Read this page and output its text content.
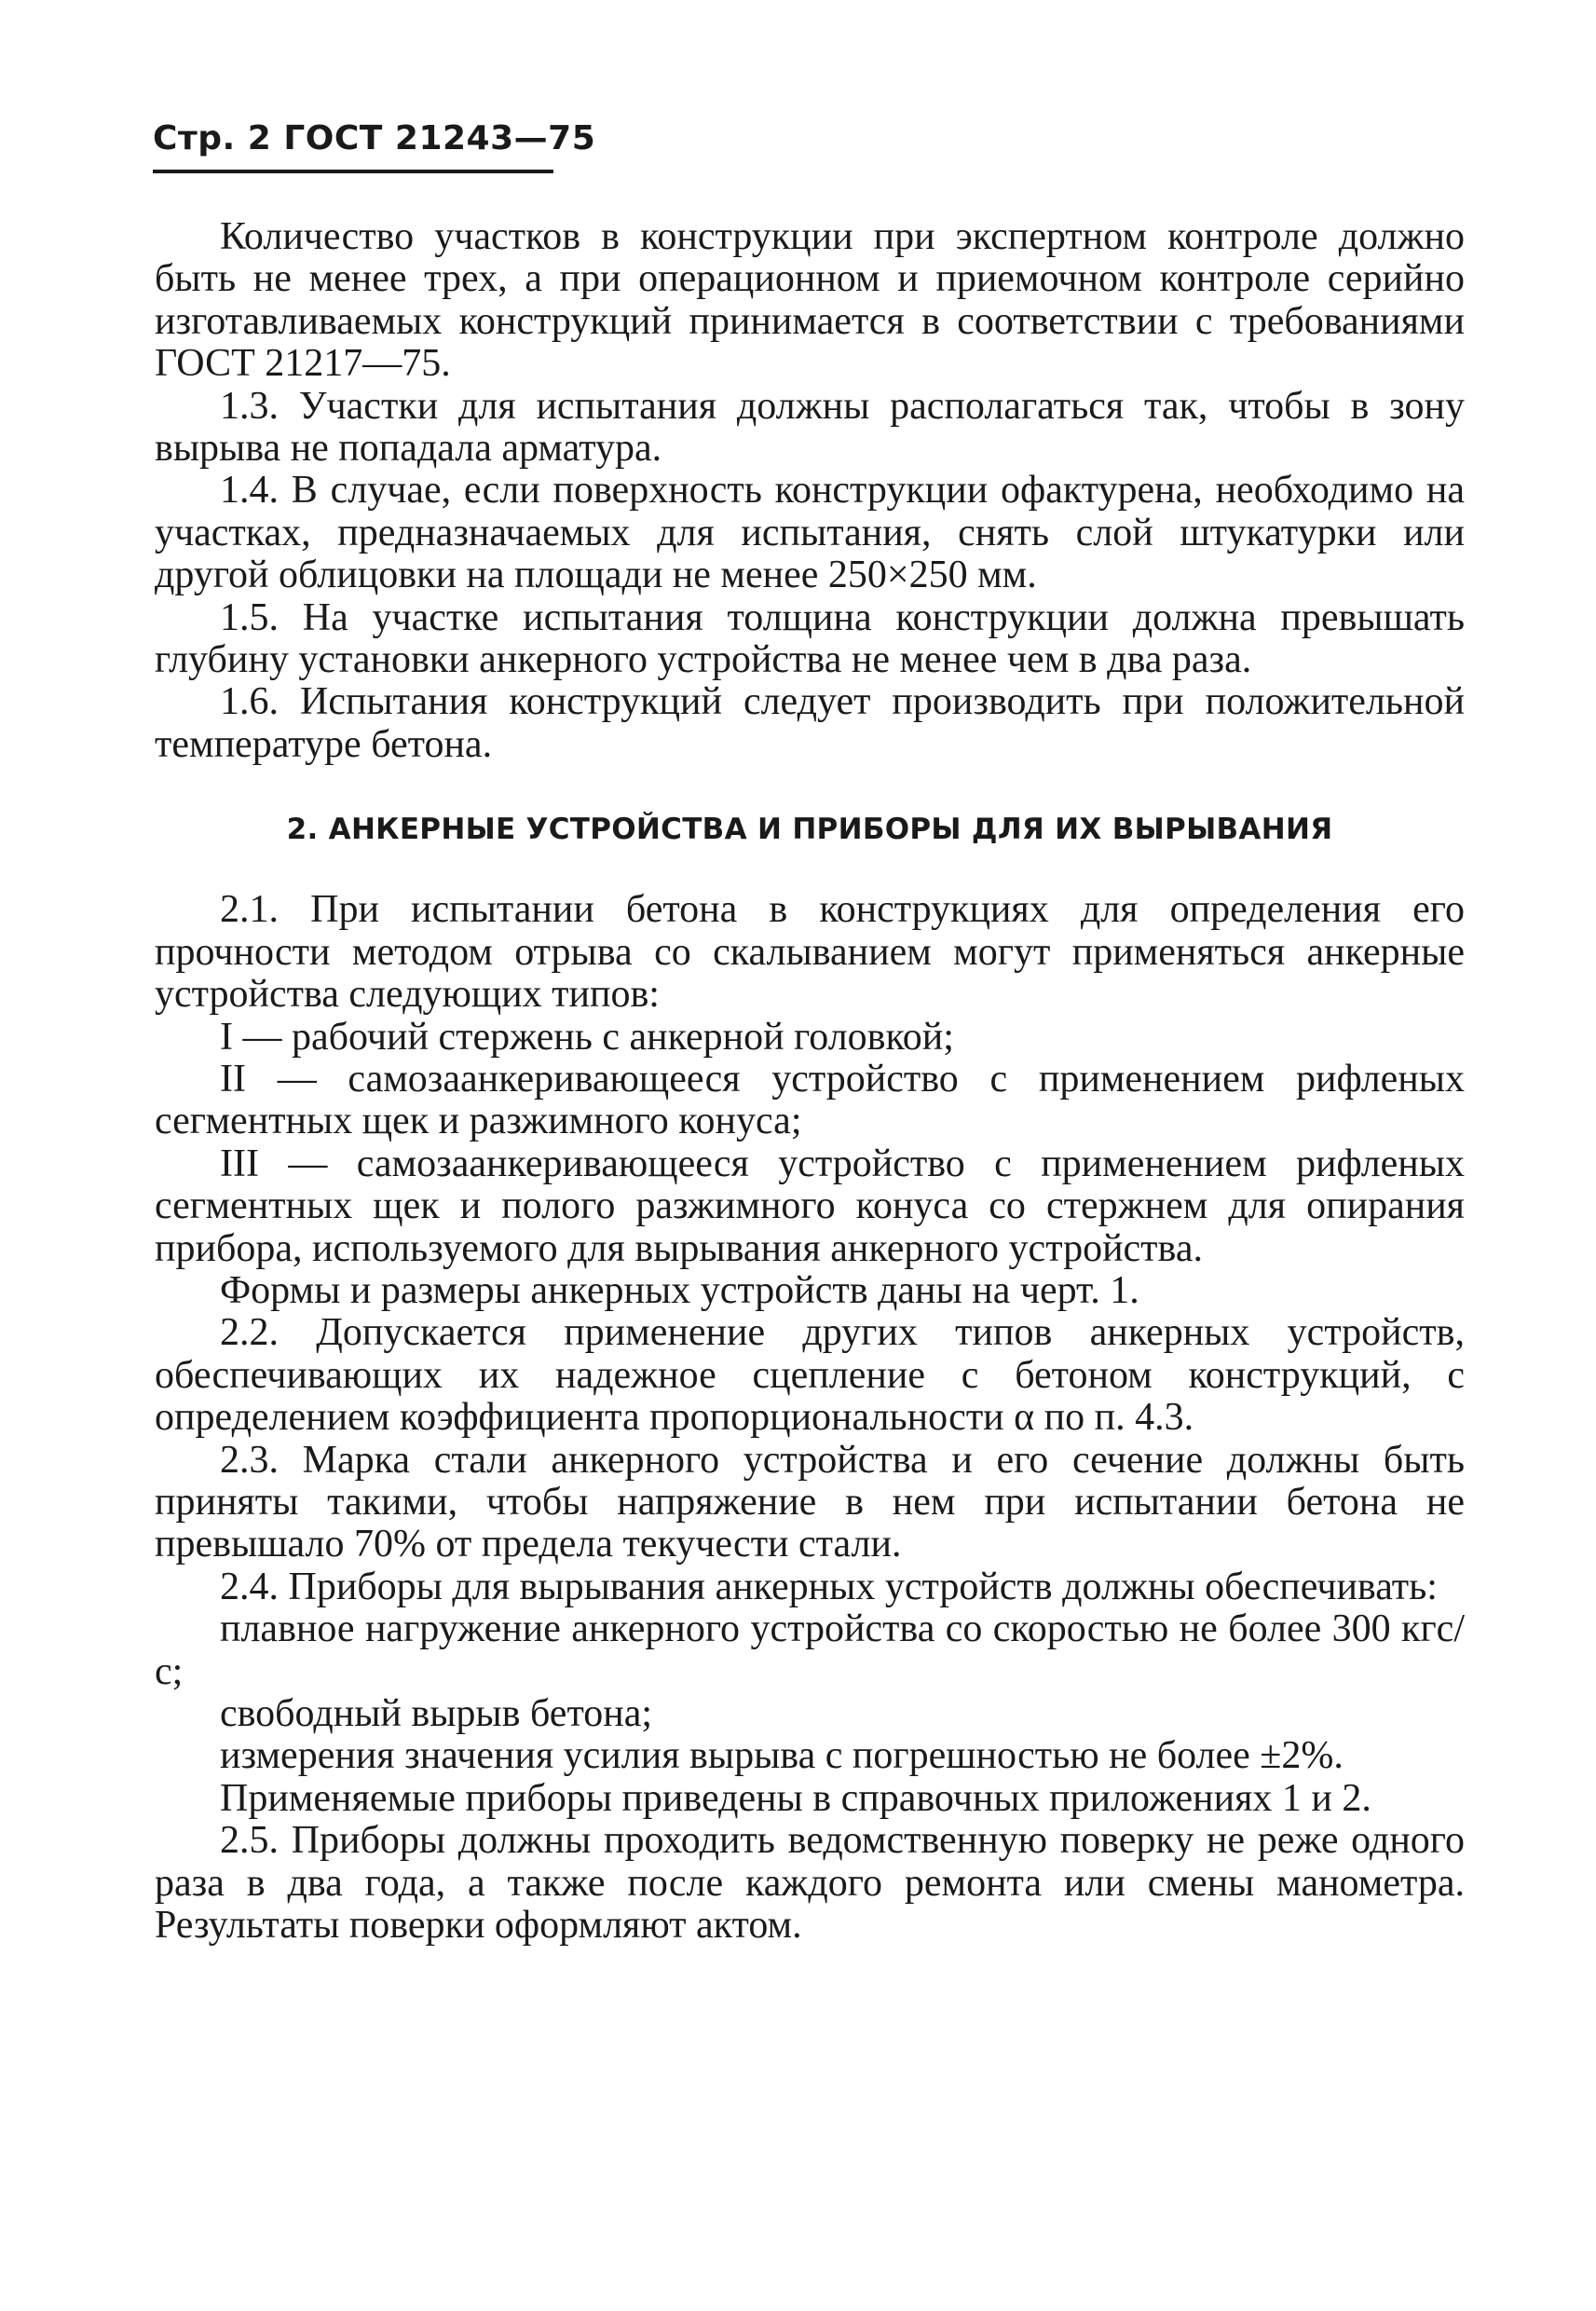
Стр. 2 ГОСТ 21243—75

Количество участков в конструкции при экспертном контроле должно быть не менее трех, а при операционном и приемочном контроле серийно изготавливаемых конструкций принимается в соответствии с требованиями ГОСТ 21217—75.

1.3. Участки для испытания должны располагаться так, чтобы в зону вырыва не попадала арматура.

1.4. В случае, если поверхность конструкции офактурена, необходимо на участках, предназначаемых для испытания, снять слой штукатурки или другой облицовки на площади не менее 250×250 мм.

1.5. На участке испытания толщина конструкции должна превышать глубину установки анкерного устройства не менее чем в два раза.

1.6. Испытания конструкций следует производить при положительной температуре бетона.

2. АНКЕРНЫЕ УСТРОЙСТВА И ПРИБОРЫ ДЛЯ ИХ ВЫРЫВАНИЯ

2.1. При испытании бетона в конструкциях для определения его прочности методом отрыва со скалыванием могут применяться анкерные устройства следующих типов:

I — рабочий стержень с анкерной головкой;

II — самозаанкеривающееся устройство с применением рифленых сегментных щек и разжимного конуса;

III — самозаанкеривающееся устройство с применением рифленых сегментных щек и полого разжимного конуса со стержнем для опирания прибора, используемого для вырывания анкерного устройства.

Формы и размеры анкерных устройств даны на черт. 1.

2.2. Допускается применение других типов анкерных устройств, обеспечивающих их надежное сцепление с бетоном конструкций, с определением коэффициента пропорциональности α по п. 4.3.

2.3. Марка стали анкерного устройства и его сечение должны быть приняты такими, чтобы напряжение в нем при испытании бетона не превышало 70% от предела текучести стали.

2.4. Приборы для вырывания анкерных устройств должны обеспечивать:

плавное нагружение анкерного устройства со скоростью не более 300 кгс/с;

свободный вырыв бетона;

измерения значения усилия вырыва с погрешностью не более ±2%.

Применяемые приборы приведены в справочных приложениях 1 и 2.

2.5. Приборы должны проходить ведомственную поверку не реже одного раза в два года, а также после каждого ремонта или смены манометра. Результаты поверки оформляют актом.
